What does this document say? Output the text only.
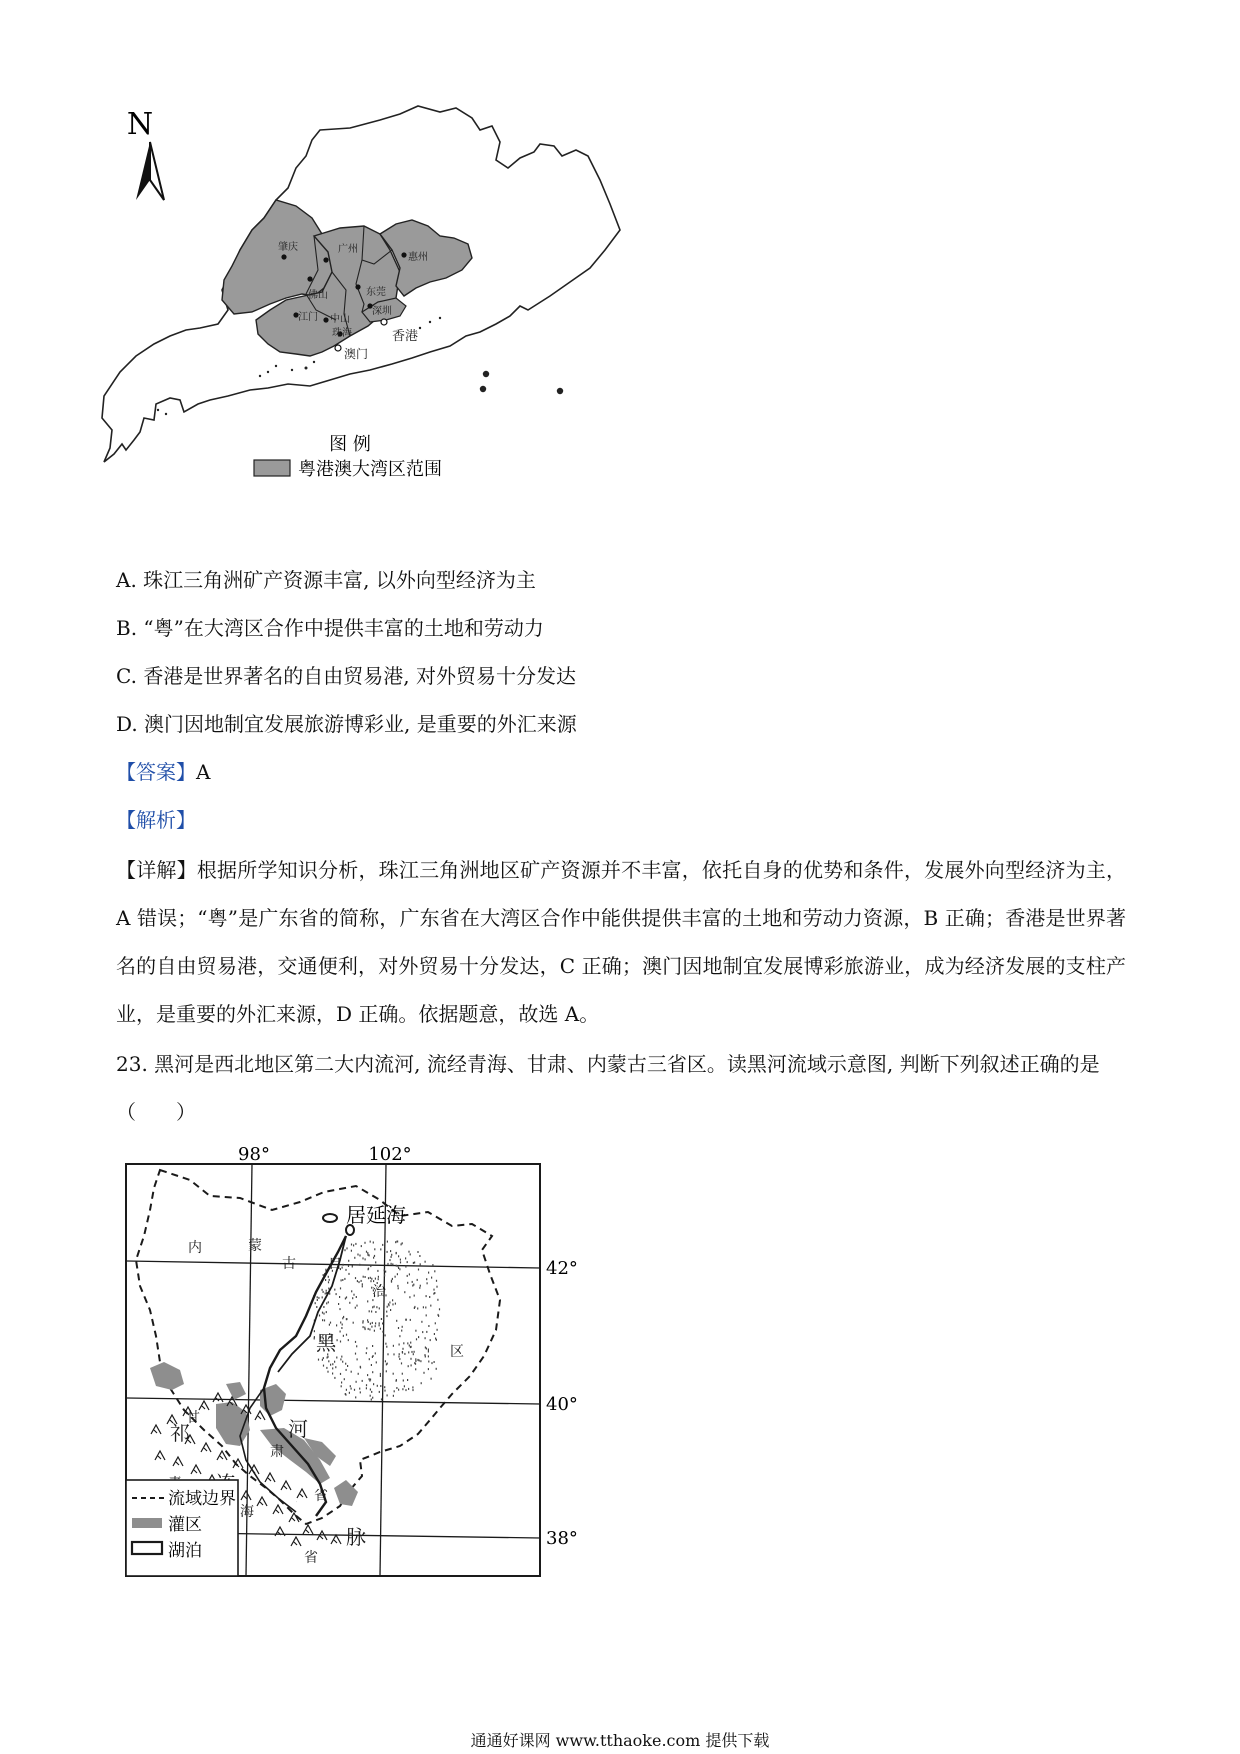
N
肇庆	广州
佛山	东莞
惠州
江门 中山
珠海
深圳
香港
澳门
图 例
粤港澳大湾区范围
A. 珠江三角洲矿产资源丰富, 以外向型经济为主
B. “粤”在大湾区合作中提供丰富的土地和劳动力
C. 香港是世界著名的自由贸易港, 对外贸易十分发达
D. 澳门因地制宜发展旅游博彩业, 是重要的外汇来源
【答案】A
【解析】
【详解】根据所学知识分析，珠江三角洲地区矿产资源并不丰富，依托自身的优势和条件，发展外向型经济为主，A 错误；“粤”是广东省的简称，广东省在大湾区合作中能供提供丰富的土地和劳动力资源，B 正确；香港是世界著名的自由贸易港，交通便利，对外贸易十分发达，C 正确；澳门因地制宜发展博彩旅游业，成为经济发展的支柱产业，是重要的外汇来源，D 正确。依据题意，故选 A。
23. 黑河是西北地区第二大内流河, 流经青海、甘肃、内蒙古三省区。读黑河流域示意图, 判断下列叙述正确的是（　　）
98°	102°
42°
40°
38°
居延海
内	蒙
古 自
治
区
甘
肃
省
海
省
黑
河
祁
山
脉
流域边界
灌区
湖泊
通通好课网 www.tthaoke.com 提供下载
